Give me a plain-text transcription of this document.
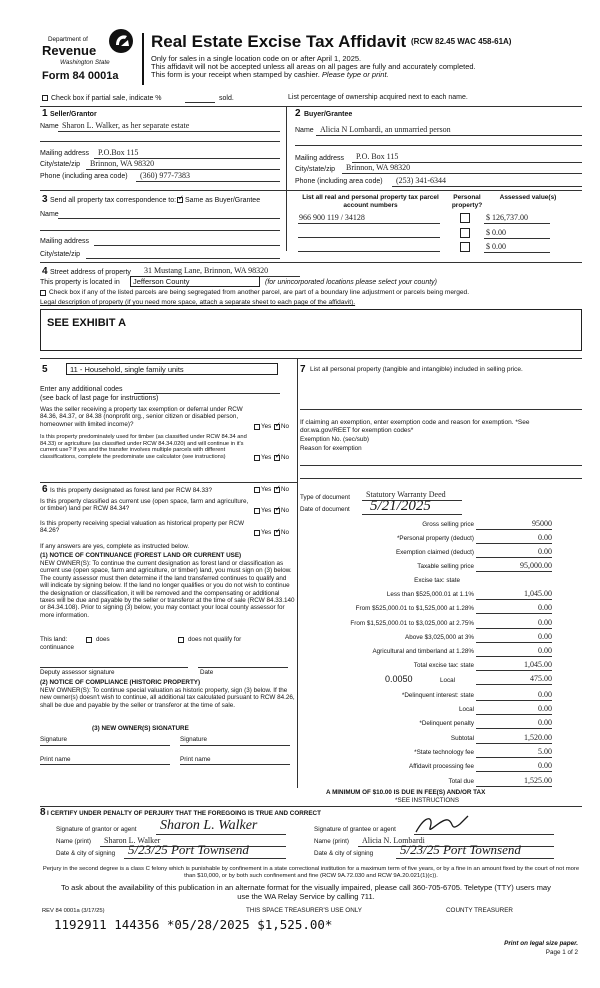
Department of
Revenue
Washington State
Form 84 0001a
Real Estate Excise Tax Affidavit (RCW 82.45 WAC 458-61A)
Only for sales in a single location code on or after April 1, 2025.
This affidavit will not be accepted unless all areas on all pages are fully and accurately completed.
This form is your receipt when stamped by cashier. Please type or print.
Check box if partial sale, indicate %	sold.	List percentage of ownership acquired next to each name.
1 Seller/Grantor
Name Sharon L. Walker, as her separate estate
Mailing address P.O.Box 115
City/state/zip Brinnon, WA 98320
Phone (including area code) (360) 977-7383
2 Buyer/Grantee
Name Alicia N Lombardi, an unmarried person
Mailing address P.O. Box 115
City/state/zip Brinnon, WA 98320
Phone (including area code) (253) 341-6344
3 Send all property tax correspondence to: ✓ Same as Buyer/Grantee
Name
Mailing address
City/state/zip
List all real and personal property tax parcel account numbers
Personal property?
Assessed value(s)
966 900 119 / 34128	$ 126,737.00
$ 0.00
$ 0.00
4 Street address of property 31 Mustang Lane, Brinnon, WA 98320
This property is located in Jefferson County	(for unincorporated locations please select your county)
Check box if any of the listed parcels are being segregated from another parcel, are part of a boundary line adjustment or parcels being merged.
Legal description of property (if you need more space, attach a separate sheet to each page of the affidavit).
SEE EXHIBIT A
5	11 - Household, single family units
Enter any additional codes
(see back of last page for instructions)
Was the seller receiving a property tax exemption or deferral under RCW 84.36, 84.37, or 84.38 (nonprofit org., senior citizen or disabled person, homeowner with limited income)?	Yes ✓ No
Is this property predominately used for timber (as classified under RCW 84.34 and 84.33) or agriculture (as classified under RCW 84.34.020) and will continue in it's current use? If yes and the transfer involves multiple parcels with different classifications, complete the predominate use calculator (see instructions)	Yes ✓ No
7 List all personal property (tangible and intangible) included in selling price.
If claiming an exemption, enter exemption code and reason for exemption. *See dor.wa.gov/REET for exemption codes*
Exemption No. (sec/sub)
Reason for exemption
Type of document Statutory Warranty Deed
Date of document 5/21/2025
6 Is this property designated as forest land per RCW 84.33?	Yes ✓ No
Is this property classified as current use (open space, farm and agriculture, or timber) land per RCW 84.34?	Yes ✓ No
Is this property receiving special valuation as historical property per RCW 84.26?	Yes ✓ No
If any answers are yes, complete as instructed below.
(1) NOTICE OF CONTINUANCE (FOREST LAND OR CURRENT USE)
NEW OWNER(S): To continue the current designation as forest land or classification as current use (open space, farm and agriculture, or timber) land, you must sign on (3) below. The county assessor must then determine if the land transferred continues to qualify and will indicate by signing below. If the land no longer qualifies or you do not wish to continue the designation or classification, it will be removed and the compensating or additional taxes will be due and payable by the seller or transferor at the time of sale (RCW 84.33.140 or 84.34.108). Prior to signing (3) below, you may contact your local county assessor for more information.
This land:	does	does not qualify for
continuance
Deputy assessor signature	Date
(2) NOTICE OF COMPLIANCE (HISTORIC PROPERTY)
NEW OWNER(S): To continue special valuation as historic property, sign (3) below. If the new owner(s) doesn't wish to continue, all additional tax calculated pursuant to RCW 84.26, shall be due and payable by the seller or transferor at the time of sale.
(3) NEW OWNER(S) SIGNATURE
Signature	Signature
Print name	Print name
Gross selling price	95000
*Personal property (deduct)	0.00
Exemption claimed (deduct)	0.00
Taxable selling price	95,000.00
Excise tax: state
Less than $525,000.01 at 1.1%	1,045.00
From $525,000.01 to $1,525,000 at 1.28%	0.00
From $1,525,000.01 to $3,025,000 at 2.75%	0.00
Above $3,025,000 at 3%	0.00
Agricultural and timberland at 1.28%	0.00
Total excise tax: state	1,045.00
0.0050	Local	475.00
*Delinquent interest: state	0.00
Local	0.00
*Delinquent penalty	0.00
Subtotal	1,520.00
*State technology fee	5.00
Affidavit processing fee	0.00
Total due	1,525.00
A MINIMUM OF $10.00 IS DUE IN FEE(S) AND/OR TAX
*SEE INSTRUCTIONS
8 I CERTIFY UNDER PENALTY OF PERJURY THAT THE FOREGOING IS TRUE AND CORRECT
Signature of grantor or agent Sharon L. Walker
Name (print) Sharon L. Walker
Date & city of signing 5/23/25 Port Townsend
Signature of grantee or agent
Name (print) Alicia N. Lombardi
Date & city of signing 5/23/25 Port Townsend
Perjury in the second degree is a class C felony which is punishable by confinement in a state correctional institution for a maximum term of five years, or by a fine in an amount fixed by the court of not more than $10,000, or by both such confinement and fine (RCW 9A.72.030 and RCW 9A.20.021(1)(c)).
To ask about the availability of this publication in an alternate format for the visually impaired, please call 360-705-6705. Teletype (TTY) users may use the WA Relay Service by calling 711.
REV 84 0001a (3/17/25)	THIS SPACE TREASURER'S USE ONLY	COUNTY TREASURER
1192911 144356 *05/28/2025 $1,525.00*
Print on legal size paper.
Page 1 of 2
